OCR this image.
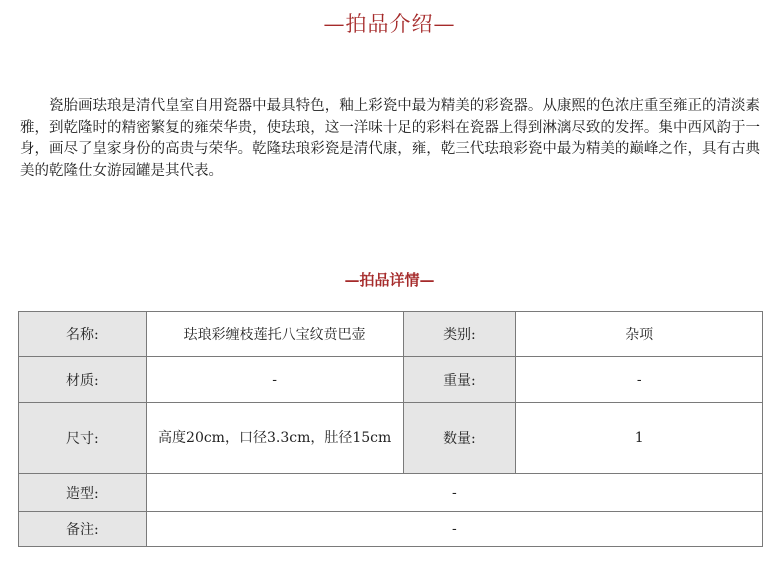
—拍品介绍—

瓷胎画珐琅是清代皇室自用瓷器中最具特色，釉上彩瓷中最为精美的彩瓷器。从康熙的色浓庄重至雍正的清淡素雅，到乾隆时的精密繁复的雍荣华贵，使珐琅，这一洋味十足的彩料在瓷器上得到淋漓尽致的发挥。集中西风韵于一身，画尽了皇家身份的高贵与荣华。乾隆珐琅彩瓷是清代康，雍，乾三代珐琅彩瓷中最为精美的巅峰之作，具有古典美的乾隆仕女游园罐是其代表。

—拍品详情—
名称:	珐琅彩缠枝莲托八宝纹贲巴壶	类别:	杂项
材质:	-	重量:	-
尺寸:	高度20cm，口径3.3cm，肚径15cm	数量:	1
造型:	-		
备注:	-		
